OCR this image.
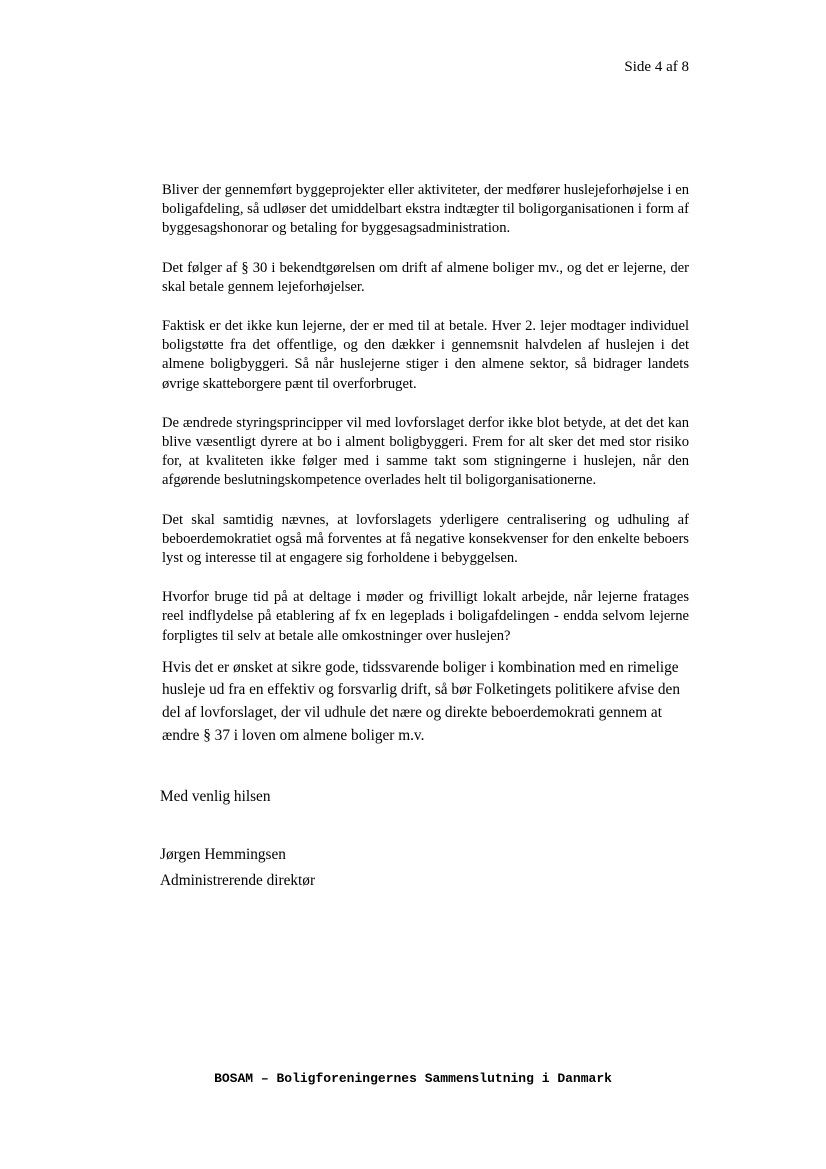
Side 4 af 8

Bliver der gennemført byggeprojekter eller aktiviteter, der medfører huslejeforhøjelse i en boligafdeling, så udløser det umiddelbart ekstra indtægter til boligorganisationen i form af byggesagshonorar og betaling for byggesagsadministration.

Det følger af § 30 i bekendtgørelsen om drift af almene boliger mv., og det er lejerne, der skal betale gennem lejeforhøjelser.

Faktisk er det ikke kun lejerne, der er med til at betale. Hver 2. lejer modtager individuel boligstøtte fra det offentlige, og den dækker i gennemsnit halvdelen af huslejen i det almene boligbyggeri. Så når huslejerne stiger i den almene sektor, så bidrager landets øvrige skatteborgere pænt til overforbruget.

De ændrede styringsprincipper vil med lovforslaget derfor ikke blot betyde, at det det kan blive væsentligt dyrere at bo i alment boligbyggeri. Frem for alt sker det med stor risiko for, at kvaliteten ikke følger med i samme takt som stigningerne i huslejen, når den afgørende beslutningskompetence overlades helt til boligorganisationerne.

Det skal samtidig nævnes, at lovforslagets yderligere centralisering og udhuling af beboerdemokratiet også må forventes at få negative konsekvenser for den enkelte beboers lyst og interesse til at engagere sig forholdene i bebyggelsen.

Hvorfor bruge tid på at deltage i møder og frivilligt lokalt arbejde, når lejerne fratages reel indflydelse på etablering af fx en legeplads i boligafdelingen - endda selvom lejerne forpligtes til selv at betale alle omkostninger over huslejen?

Hvis det er ønsket at sikre gode, tidssvarende boliger i kombination med en rimelige husleje ud fra en effektiv og forsvarlig drift, så bør Folketingets politikere afvise den del af lovforslaget, der vil udhule det nære og direkte beboerdemokrati gennem at ændre § 37 i loven om almene boliger m.v.

Med venlig hilsen

Jørgen Hemmingsen

Administrerende direktør

BOSAM – Boligforeningernes Sammenslutning i Danmark
